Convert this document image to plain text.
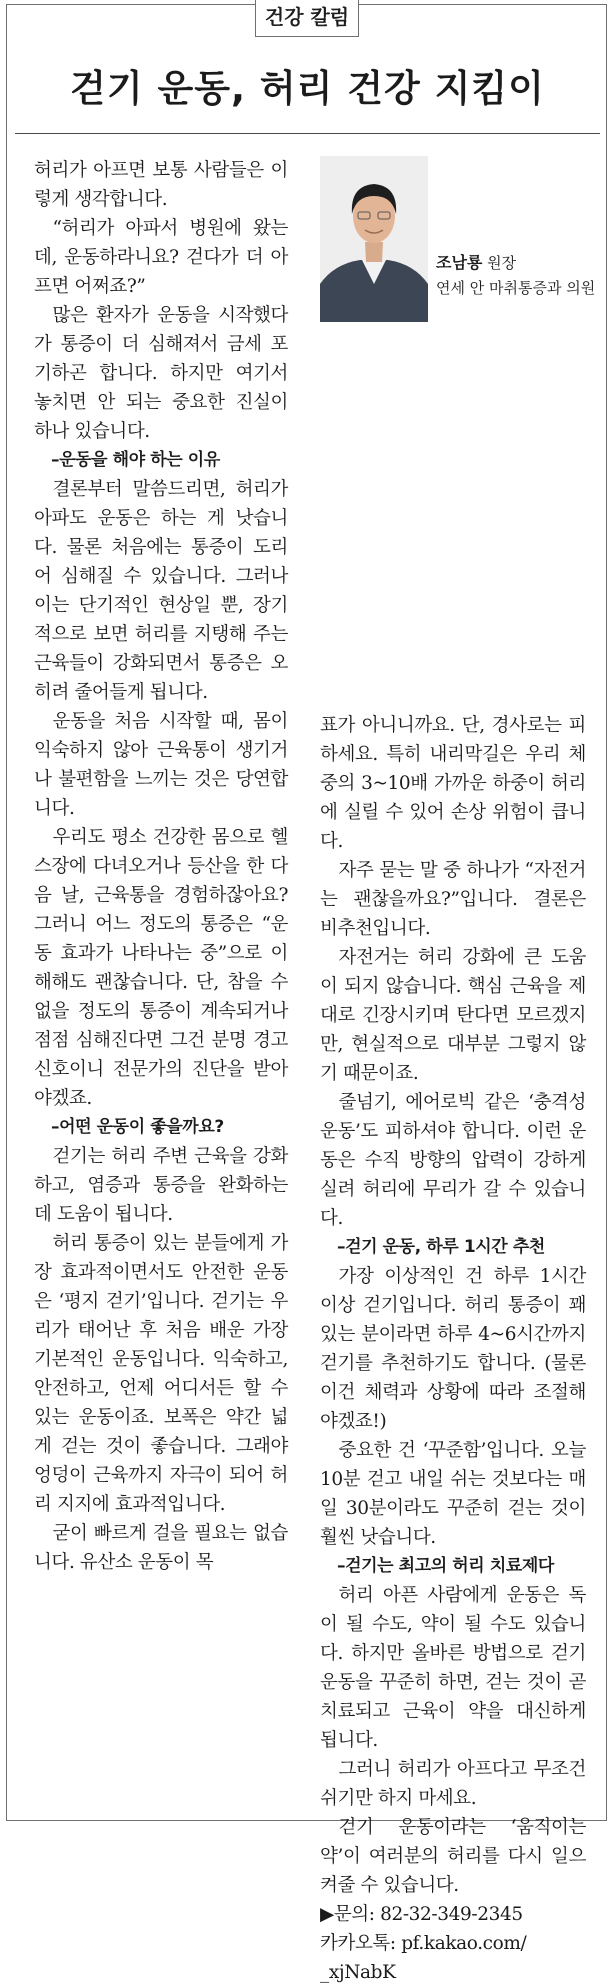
건강 칼럼
걷기 운동, 허리 건강 지킴이
조남룡 원장
연세 안 마취통증과 의원

허리가 아프면 보통 사람들은 이렇게 생각합니다.

“허리가 아파서 병원에 왔는데, 운동하라니요? 걷다가 더 아프면 어쩌죠?”

많은 환자가 운동을 시작했다가 통증이 더 심해져서 금세 포기하곤 합니다. 하지만 여기서 놓치면 안 되는 중요한 진실이 하나 있습니다.

–운동을 해야 하는 이유

결론부터 말씀드리면, 허리가 아파도 운동은 하는 게 낫습니다. 물론 처음에는 통증이 도리어 심해질 수 있습니다. 그러나 이는 단기적인 현상일 뿐, 장기적으로 보면 허리를 지탱해 주는 근육들이 강화되면서 통증은 오히려 줄어들게 됩니다.

운동을 처음 시작할 때, 몸이 익숙하지 않아 근육통이 생기거나 불편함을 느끼는 것은 당연합니다.

우리도 평소 건강한 몸으로 헬스장에 다녀오거나 등산을 한 다음 날, 근육통을 경험하잖아요? 그러니 어느 정도의 통증은 “운동 효과가 나타나는 중”으로 이해해도 괜찮습니다. 단, 참을 수 없을 정도의 통증이 계속되거나 점점 심해진다면 그건 분명 경고 신호이니 전문가의 진단을 받아야겠죠.

–어떤 운동이 좋을까요?

걷기는 허리 주변 근육을 강화하고, 염증과 통증을 완화하는 데 도움이 됩니다.

허리 통증이 있는 분들에게 가장 효과적이면서도 안전한 운동은 ‘평지 걷기’입니다. 걷기는 우리가 태어난 후 처음 배운 가장 기본적인 운동입니다. 익숙하고, 안전하고, 언제 어디서든 할 수 있는 운동이죠. 보폭은 약간 넓게 걷는 것이 좋습니다. 그래야 엉덩이 근육까지 자극이 되어 허리 지지에 효과적입니다.

굳이 빠르게 걸을 필요는 없습니다. 유산소 운동이 목

표가 아니니까요. 단, 경사로는 피하세요. 특히 내리막길은 우리 체중의 3~10배 가까운 하중이 허리에 실릴 수 있어 손상 위험이 큽니다.

자주 묻는 말 중 하나가 “자전거는 괜찮을까요?”입니다. 결론은 비추천입니다.

자전거는 허리 강화에 큰 도움이 되지 않습니다. 핵심 근육을 제대로 긴장시키며 탄다면 모르겠지만, 현실적으로 대부분 그렇지 않기 때문이죠.

줄넘기, 에어로빅 같은 ‘충격성 운동’도 피하셔야 합니다. 이런 운동은 수직 방향의 압력이 강하게 실려 허리에 무리가 갈 수 있습니다.

–걷기 운동, 하루 1시간 추천

가장 이상적인 건 하루 1시간 이상 걷기입니다. 허리 통증이 꽤 있는 분이라면 하루 4~6시간까지 걷기를 추천하기도 합니다. (물론 이건 체력과 상황에 따라 조절해야겠죠!)

중요한 건 ‘꾸준함’입니다. 오늘 10분 걷고 내일 쉬는 것보다는 매일 30분이라도 꾸준히 걷는 것이 훨씬 낫습니다.

–걷기는 최고의 허리 치료제다

허리 아픈 사람에게 운동은 독이 될 수도, 약이 될 수도 있습니다. 하지만 올바른 방법으로 걷기 운동을 꾸준히 하면, 걷는 것이 곧 치료되고 근육이 약을 대신하게 됩니다.

그러니 허리가 아프다고 무조건 쉬기만 하지 마세요.

걷기 운동이라는 ‘움직이는 약’이 여러분의 허리를 다시 일으켜줄 수 있습니다.

▶문의: 82-32-349-2345

카카오톡: pf.kakao.com/

_xjNabK
